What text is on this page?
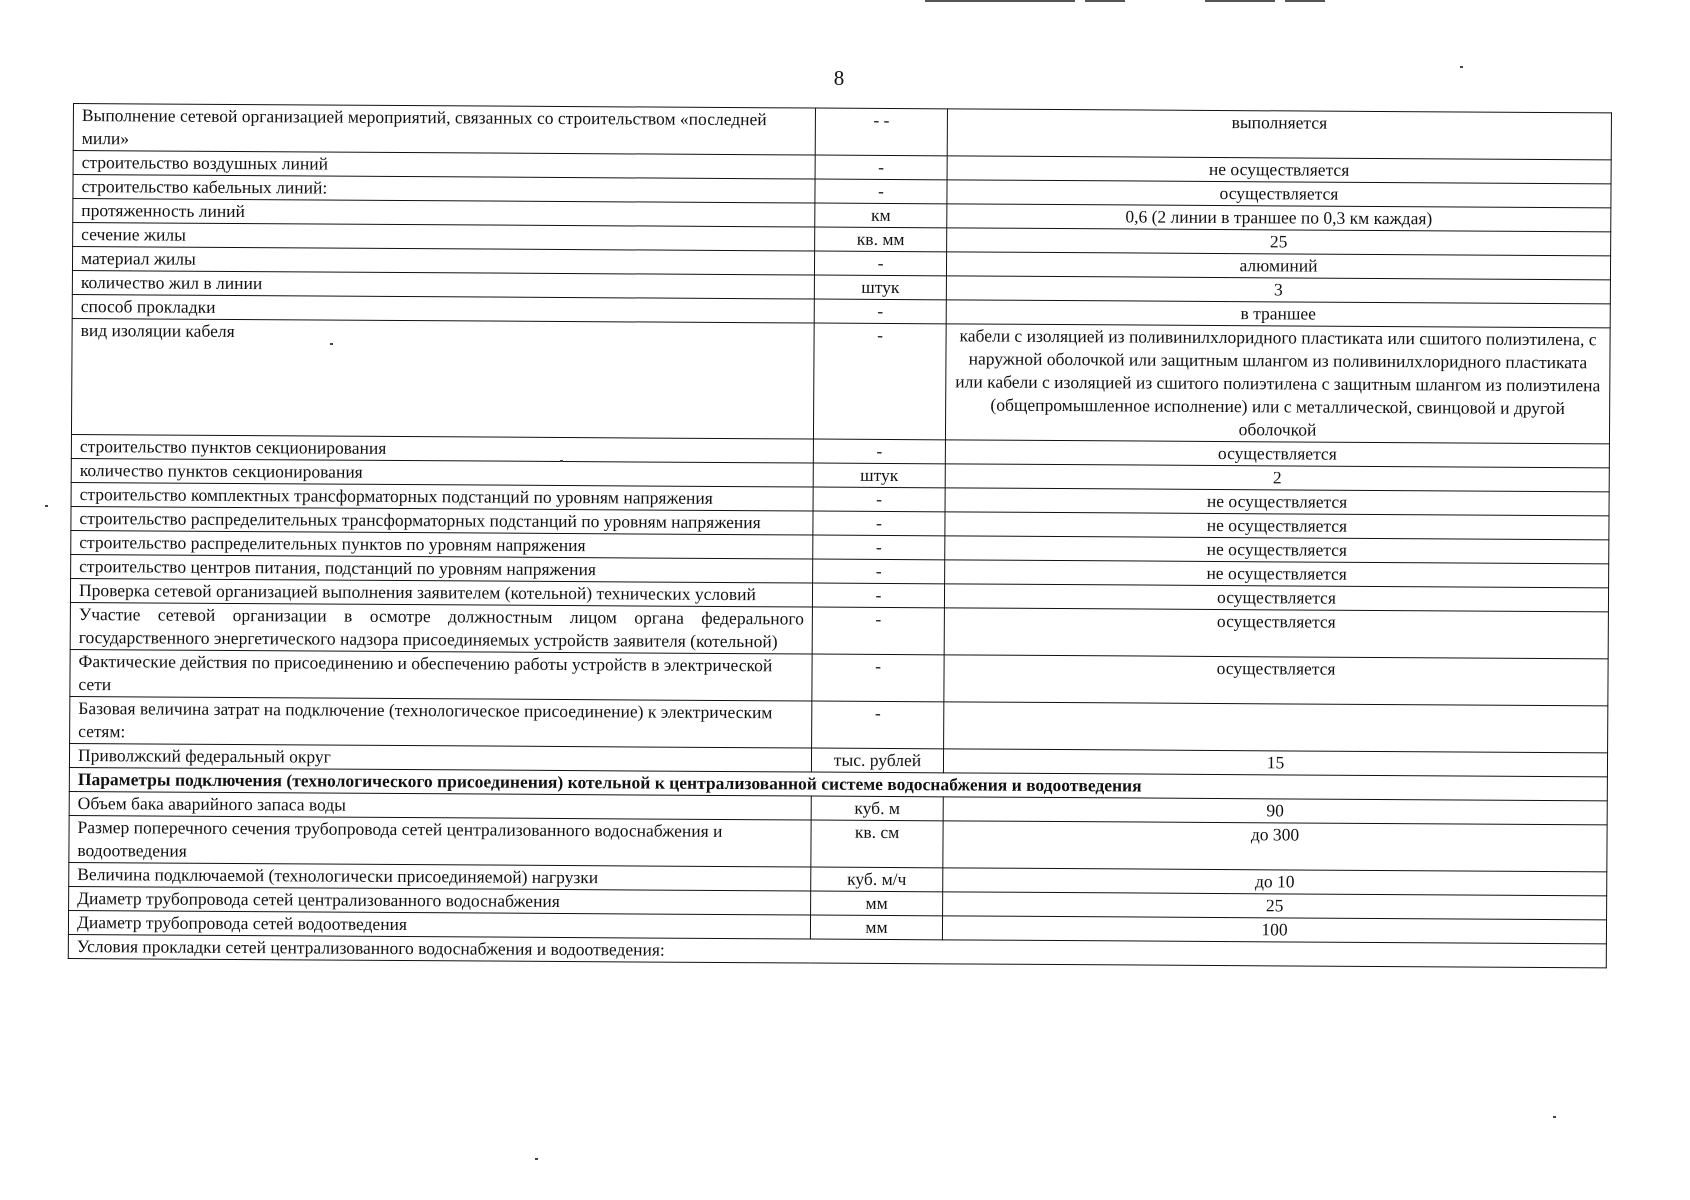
8
Выполнение сетевой организацией мероприятий, связанных со строительством «последней мили»	- -	выполняется
строительство воздушных линий	-	не осуществляется
строительство кабельных линий:	-	осуществляется
протяженность линий	км	0,6 (2 линии в траншее по 0,3 км каждая)
сечение жилы	кв. мм	25
материал жилы	-	алюминий
количество жил в линии	штук	3
способ прокладки	-	в траншее
вид изоляции кабеля	-	кабели с изоляцией из поливинилхлоридного пластиката или сшитого полиэтилена, с наружной оболочкой или защитным шлангом из поливинилхлоридного пластиката или кабели с изоляцией из сшитого полиэтилена с защитным шлангом из полиэтилена (общепромышленное исполнение) или с металлической, свинцовой и другой оболочкой
строительство пунктов секционирования	-	осуществляется
количество пунктов секционирования	штук	2
строительство комплектных трансформаторных подстанций по уровням напряжения	-	не осуществляется
строительство распределительных трансформаторных подстанций по уровням напряжения	-	не осуществляется
строительство распределительных пунктов по уровням напряжения	-	не осуществляется
строительство центров питания, подстанций по уровням напряжения	-	не осуществляется
Проверка сетевой организацией выполнения заявителем (котельной) технических условий	-	осуществляется
Участие сетевой организации в осмотре должностным лицом органа федерального государственного энергетического надзора присоединяемых устройств заявителя (котельной)	-	осуществляется
Фактические действия по присоединению и обеспечению работы устройств в электрической сети	-	осуществляется
Базовая величина затрат на подключение (технологическое присоединение) к электрическим сетям:	-	
Приволжский федеральный округ	тыс. рублей	15
Параметры подключения (технологического присоединения) котельной к централизованной системе водоснабжения и водоотведения		
Объем бака аварийного запаса воды	куб. м	90
Размер поперечного сечения трубопровода сетей централизованного водоснабжения и водоотведения	кв. см	до 300
Величина подключаемой (технологически присоединяемой) нагрузки	куб. м/ч	до 10
Диаметр трубопровода сетей централизованного водоснабжения	мм	25
Диаметр трубопровода сетей водоотведения	мм	100
Условия прокладки сетей централизованного водоснабжения и водоотведения:		
